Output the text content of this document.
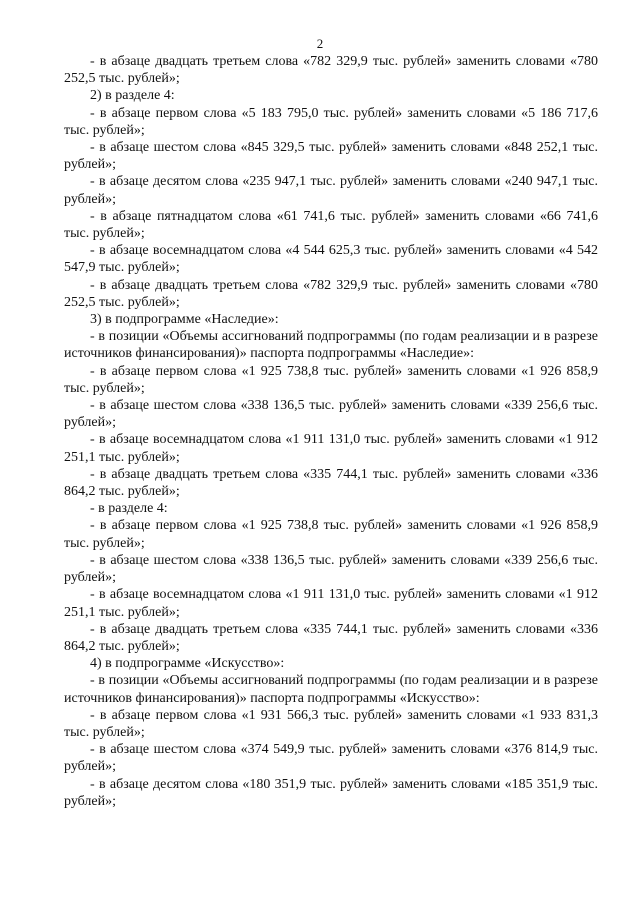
2

- в абзаце двадцать третьем слова «782 329,9 тыс. рублей» заменить словами «780 252,5 тыс. рублей»;

2) в разделе 4:

- в абзаце первом слова «5 183 795,0 тыс. рублей» заменить словами «5 186 717,6 тыс. рублей»;

- в абзаце шестом слова «845 329,5 тыс. рублей» заменить словами «848 252,1 тыс. рублей»;

- в абзаце десятом слова «235 947,1 тыс. рублей» заменить словами «240 947,1 тыс. рублей»;

- в абзаце пятнадцатом слова «61 741,6 тыс. рублей» заменить словами «66 741,6 тыс. рублей»;

- в абзаце восемнадцатом слова «4 544 625,3 тыс. рублей» заменить словами «4 542 547,9 тыс. рублей»;

- в абзаце двадцать третьем слова «782 329,9 тыс. рублей» заменить словами «780 252,5 тыс. рублей»;

3) в подпрограмме «Наследие»:

- в позиции «Объемы ассигнований подпрограммы (по годам реализации и в разрезе источников финансирования)» паспорта подпрограммы «Наследие»:

- в абзаце первом слова «1 925 738,8 тыс. рублей» заменить словами «1 926 858,9 тыс. рублей»;

- в абзаце шестом слова «338 136,5 тыс. рублей» заменить словами «339 256,6 тыс. рублей»;

- в абзаце восемнадцатом слова «1 911 131,0 тыс. рублей» заменить словами «1 912 251,1 тыс. рублей»;

- в абзаце двадцать третьем слова «335 744,1 тыс. рублей» заменить словами «336 864,2 тыс. рублей»;

- в разделе 4:

- в абзаце первом слова «1 925 738,8 тыс. рублей» заменить словами «1 926 858,9 тыс. рублей»;

- в абзаце шестом слова «338 136,5 тыс. рублей» заменить словами «339 256,6 тыс. рублей»;

- в абзаце восемнадцатом слова «1 911 131,0 тыс. рублей» заменить словами «1 912 251,1 тыс. рублей»;

- в абзаце двадцать третьем слова «335 744,1 тыс. рублей» заменить словами «336 864,2 тыс. рублей»;

4) в подпрограмме «Искусство»:

- в позиции «Объемы ассигнований подпрограммы (по годам реализации и в разрезе источников финансирования)» паспорта подпрограммы «Искусство»:

- в абзаце первом слова «1 931 566,3 тыс. рублей» заменить словами «1 933 831,3 тыс. рублей»;

- в абзаце шестом слова «374 549,9 тыс. рублей» заменить словами «376 814,9 тыс. рублей»;

- в абзаце десятом слова «180 351,9 тыс. рублей» заменить словами «185 351,9 тыс. рублей»;
